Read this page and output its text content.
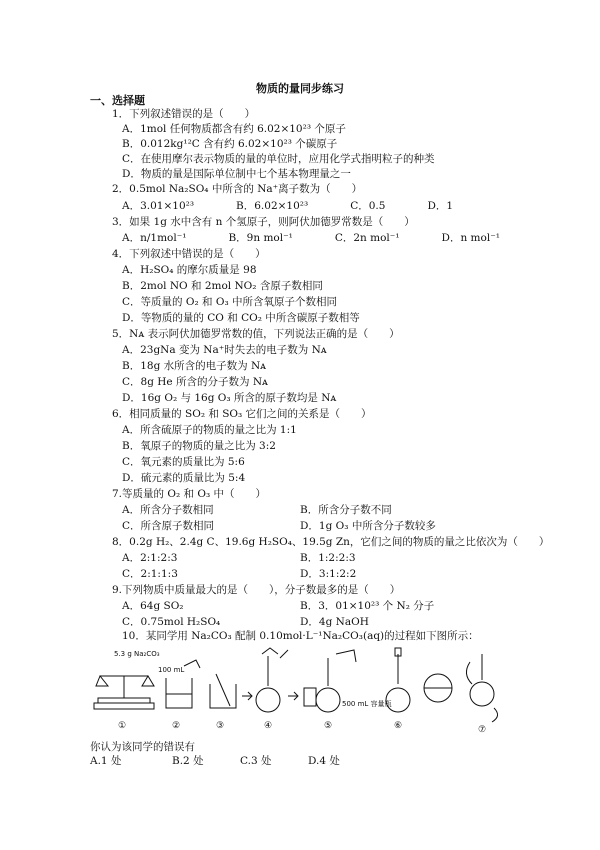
物质的量同步练习
一、选择题
1．下列叙述错误的是（　　）
A．1mol 任何物质都含有约 6.02×10²³ 个原子
B．0.012kg¹²C 含有约 6.02×10²³ 个碳原子
C．在使用摩尔表示物质的量的单位时，应用化学式指明粒子的种类
D．物质的量是国际单位制中七个基本物理量之一
2．0.5mol Na₂SO₄ 中所含的 Na⁺离子数为（　　）
A．3.01×10²³　　　　B．6.02×10²³　　　　C．0.5　　　　D．1
3．如果 1g 水中含有 n 个氢原子，则阿伏加德罗常数是（　　）
A．n/1mol⁻¹　　　　B．9n mol⁻¹　　　　C．2n mol⁻¹　　　　D．n mol⁻¹
4．下列叙述中错误的是（　　）
A．H₂SO₄ 的摩尔质量是 98
B．2mol NO 和 2mol NO₂ 含原子数相同
C．等质量的 O₂ 和 O₃ 中所含氧原子个数相同
D．等物质的量的 CO 和 CO₂ 中所含碳原子数相等
5．Nᴀ 表示阿伏加德罗常数的值，下列说法正确的是（　　）
A．23gNa 变为 Na⁺时失去的电子数为 Nᴀ
B．18g 水所含的电子数为 Nᴀ
C．8g He 所含的分子数为 Nᴀ
D．16g O₂ 与 16g O₃ 所含的原子数均是 Nᴀ
6．相同质量的 SO₂ 和 SO₃ 它们之间的关系是（　　）
A．所含硫原子的物质的量之比为 1:1
B．氧原子的物质的量之比为 3:2
C．氧元素的质量比为 5:6
D．硫元素的质量比为 5:4
7.等质量的 O₂ 和 O₃ 中（　　）
A．所含分子数相同	B．所含分子数不同
C．所含原子数相同	D．1g O₃ 中所含分子数较多
8．0.2g H₂、2.4g C、19.6g H₂SO₄、19.5g Zn，它们之间的物质的量之比依次为（　　）
A．2:1:2:3	B．1:2:2:3
C．2:1:1:3	D．3:1:2:2
9.下列物质中质量最大的是（　　），分子数最多的是（　　）
A．64g SO₂	B．3．01×10²³ 个 N₂ 分子
C．0.75mol H₂SO₄	D．4g NaOH
10．某同学用 Na₂CO₃ 配制 0.10mol·L⁻¹Na₂CO₃(aq)的过程如下图所示：
5.3 g Na₂CO₃
①
100 mL
②	③	④	⑤
500 mL 容量瓶
⑥	⑦
你认为该同学的错误有
A.1 处	B.2 处	C.3 处	D.4 处
